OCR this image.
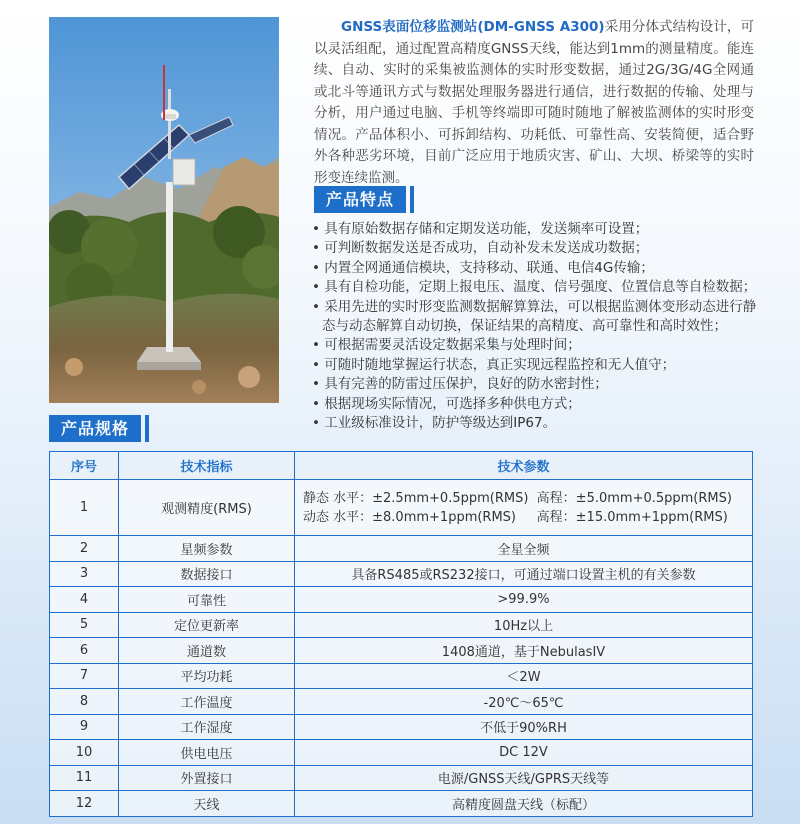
GNSS表面位移监测站(DM-GNSS A300)采用分体式结构设计，可以灵活组配，通过配置高精度GNSS天线，能达到1mm的测量精度。能连续、自动、实时的采集被监测体的实时形变数据，通过2G/3G/4G全网通或北斗等通讯方式与数据处理服务器进行通信，进行数据的传输、处理与分析，用户通过电脑、手机等终端即可随时随地了解被监测体的实时形变情况。产品体积小、可拆卸结构、功耗低、可靠性高、安装简便，适合野外各种恶劣环境，目前广泛应用于地质灾害、矿山、大坝、桥梁等的实时形变连续监测。
产品特点
• 具有原始数据存储和定期发送功能，发送频率可设置；
• 可判断数据发送是否成功，自动补发未发送成功数据；
• 内置全网通通信模块，支持移动、联通、电信4G传输；
• 具有自检功能，定期上报电压、温度、信号强度、位置信息等自检数据；
• 采用先进的实时形变监测数据解算算法，可以根据监测体变形动态进行静态与动态解算自动切换，保证结果的高精度、高可靠性和高时效性；
• 可根据需要灵活设定数据采集与处理时间；
• 可随时随地掌握运行状态，真正实现远程监控和无人值守；
• 具有完善的防雷过压保护，良好的防水密封性；
• 根据现场实际情况，可选择多种供电方式；
• 工业级标准设计，防护等级达到IP67。
产品规格
序号	技术指标	技术参数
1	观测精度(RMS)	静态 水平：±2.5mm+0.5ppm(RMS)  高程：±5.0mm+0.5ppm(RMS)
动态 水平：±8.0mm+1ppm(RMS)     高程：±15.0mm+1ppm(RMS)

2	星频参数	全星全频
3	数据接口	具备RS485或RS232接口，可通过端口设置主机的有关参数
4	可靠性	>99.9%
5	定位更新率	10Hz以上
6	通道数	1408通道，基于NebulasIV
7	平均功耗	＜2W
8	工作温度	-20℃～65℃
9	工作湿度	不低于90%RH
10	供电电压	DC 12V
11	外置接口	电源/GNSS天线/GPRS天线等
12	天线	高精度圆盘天线（标配）
